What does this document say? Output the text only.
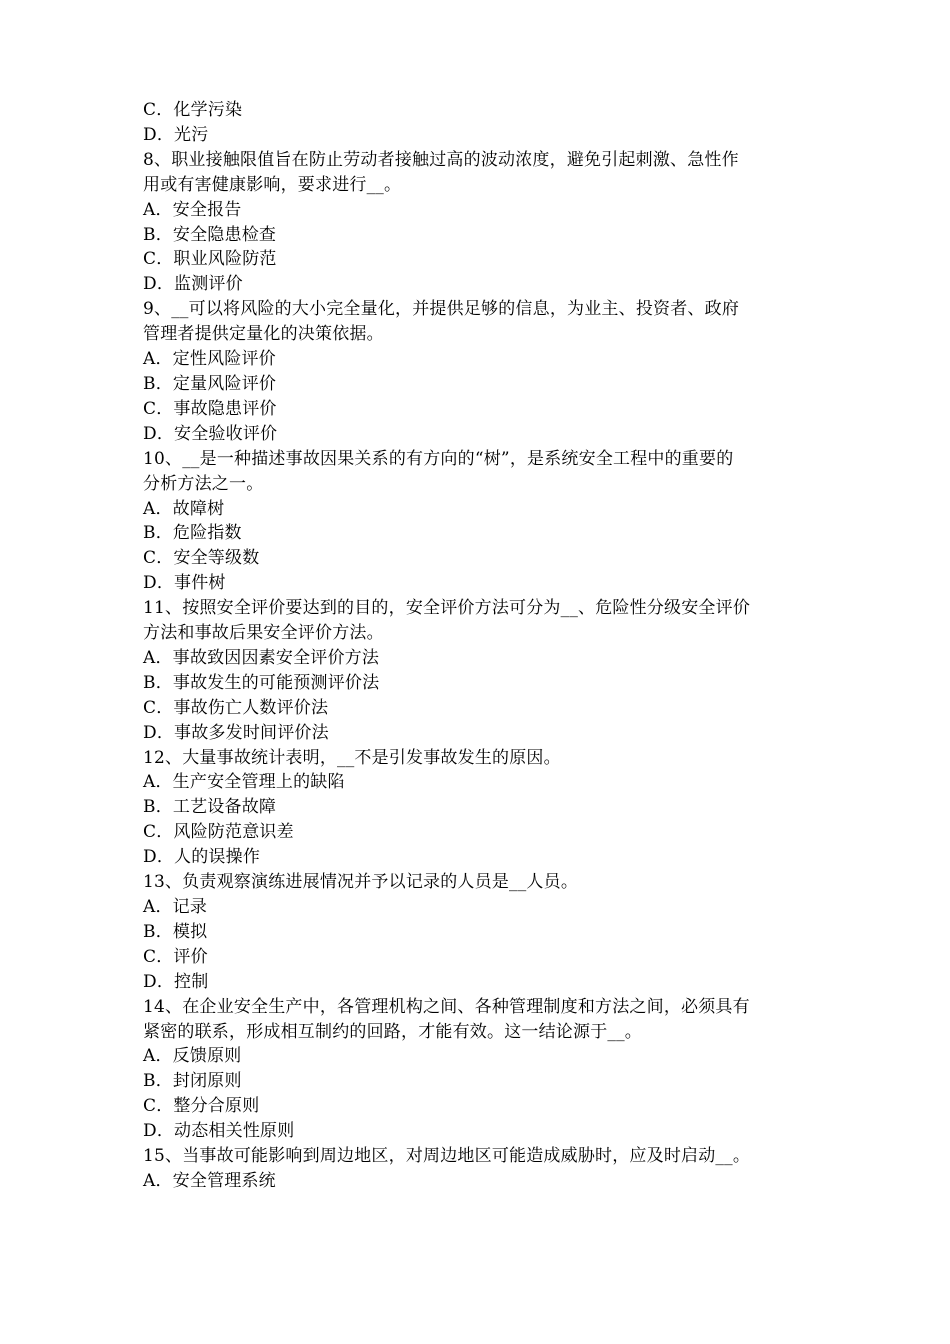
C．化学污染
D．光污
8、职业接触限值旨在防止劳动者接触过高的波动浓度，避免引起刺激、急性作
用或有害健康影响，要求进行__。
A．安全报告
B．安全隐患检查
C．职业风险防范
D．监测评价
9、__可以将风险的大小完全量化，并提供足够的信息，为业主、投资者、政府
管理者提供定量化的决策依据。
A．定性风险评价
B．定量风险评价
C．事故隐患评价
D．安全验收评价
10、__是一种描述事故因果关系的有方向的“树”，是系统安全工程中的重要的
分析方法之一。
A．故障树
B．危险指数
C．安全等级数
D．事件树
11、按照安全评价要达到的目的，安全评价方法可分为__、危险性分级安全评价
方法和事故后果安全评价方法。
A．事故致因因素安全评价方法
B．事故发生的可能预测评价法
C．事故伤亡人数评价法
D．事故多发时间评价法
12、大量事故统计表明，__不是引发事故发生的原因。
A．生产安全管理上的缺陷
B．工艺设备故障
C．风险防范意识差
D．人的误操作
13、负责观察演练进展情况并予以记录的人员是__人员。
A．记录
B．模拟
C．评价
D．控制
14、在企业安全生产中，各管理机构之间、各种管理制度和方法之间，必须具有
紧密的联系，形成相互制约的回路，才能有效。这一结论源于__。
A．反馈原则
B．封闭原则
C．整分合原则
D．动态相关性原则
15、当事故可能影响到周边地区，对周边地区可能造成威胁时，应及时启动__。
A．安全管理系统
